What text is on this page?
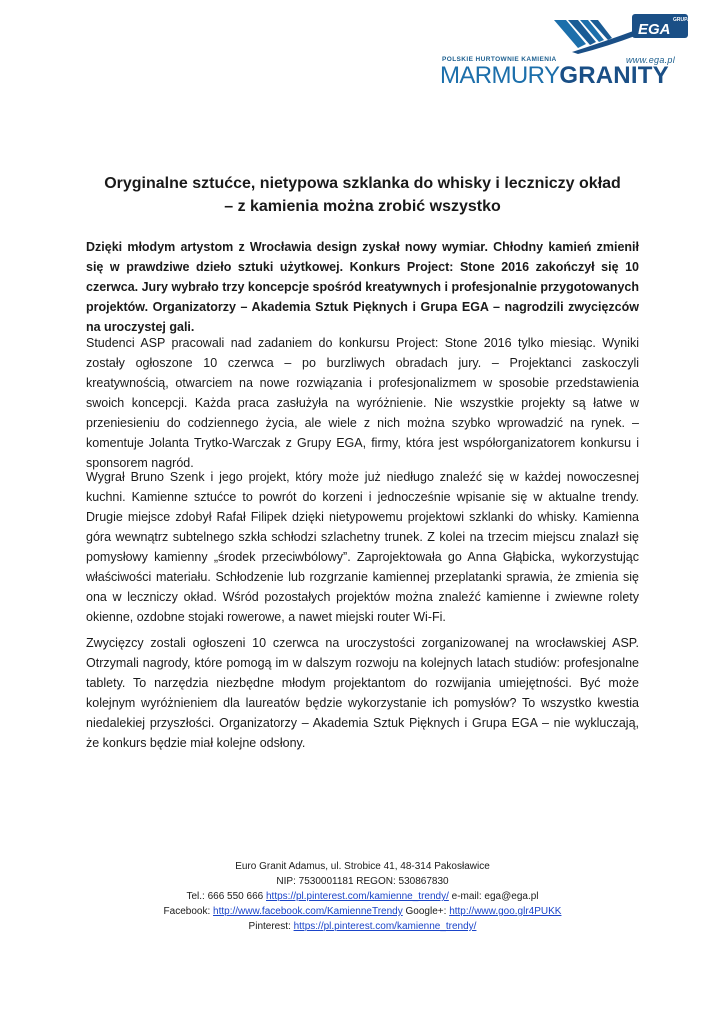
GRUPA
EGA
POLSKIE HURTOWNIE KAMIENIA	www.ega.pl
MARMURYGRANITY
Oryginalne sztućce, nietypowa szklanka do whisky i leczniczy okład
– z kamienia można zrobić wszystko
Dzięki młodym artystom z Wrocławia design zyskał nowy wymiar. Chłodny kamień zmienił się w prawdziwe dzieło sztuki użytkowej. Konkurs Project: Stone 2016 zakończył się 10 czerwca. Jury wybrało trzy koncepcje spośród kreatywnych i profesjonalnie przygotowanych projektów. Organizatorzy – Akademia Sztuk Pięknych i Grupa EGA – nagrodzili zwycięzców na uroczystej gali.
Studenci ASP pracowali nad zadaniem do konkursu Project: Stone 2016 tylko miesiąc. Wyniki zostały ogłoszone 10 czerwca – po burzliwych obradach jury. – Projektanci zaskoczyli kreatywnością, otwarciem na nowe rozwiązania i profesjonalizmem w sposobie przedstawienia swoich koncepcji. Każda praca zasłużyła na wyróżnienie. Nie wszystkie projekty są łatwe w przeniesieniu do codziennego życia, ale wiele z nich można szybko wprowadzić na rynek. – komentuje Jolanta Trytko-Warczak z Grupy EGA, firmy, która jest współorganizatorem konkursu i sponsorem nagród.
Wygrał Bruno Szenk i jego projekt, który może już niedługo znaleźć się w każdej nowoczesnej kuchni. Kamienne sztućce to powrót do korzeni i jednocześnie wpisanie się w aktualne trendy. Drugie miejsce zdobył Rafał Filipek dzięki nietypowemu projektowi szklanki do whisky. Kamienna góra wewnątrz subtelnego szkła schłodzi szlachetny trunek. Z kolei na trzecim miejscu znalazł się pomysłowy kamienny „środek przeciwbólowy”. Zaprojektowała go Anna Głąbicka, wykorzystując właściwości materiału. Schłodzenie lub rozgrzanie kamiennej przeplatanki sprawia, że zmienia się ona w leczniczy okład. Wśród pozostałych projektów można znaleźć kamienne i zwiewne rolety okienne, ozdobne stojaki rowerowe, a nawet miejski router Wi-Fi.
Zwycięzcy zostali ogłoszeni 10 czerwca na uroczystości zorganizowanej na wrocławskiej ASP. Otrzymali nagrody, które pomogą im w dalszym rozwoju na kolejnych latach studiów: profesjonalne tablety. To narzędzia niezbędne młodym projektantom do rozwijania umiejętności. Być może kolejnym wyróżnieniem dla laureatów będzie wykorzystanie ich pomysłów? To wszystko kwestia niedalekiej przyszłości. Organizatorzy – Akademia Sztuk Pięknych i Grupa EGA – nie wykluczają, że konkurs będzie miał kolejne odsłony.
Euro Granit Adamus, ul. Strobice 41, 48-314 Pakosławice
NIP: 7530001181 REGON: 530867830
Tel.: 666 550 666 https://pl.pinterest.com/kamienne_trendy/ e-mail: ega@ega.pl
Facebook: http://www.facebook.com/KamienneTrendy Google+: http://www.goo.glr4PUKK
Pinterest: https://pl.pinterest.com/kamienne_trendy/
